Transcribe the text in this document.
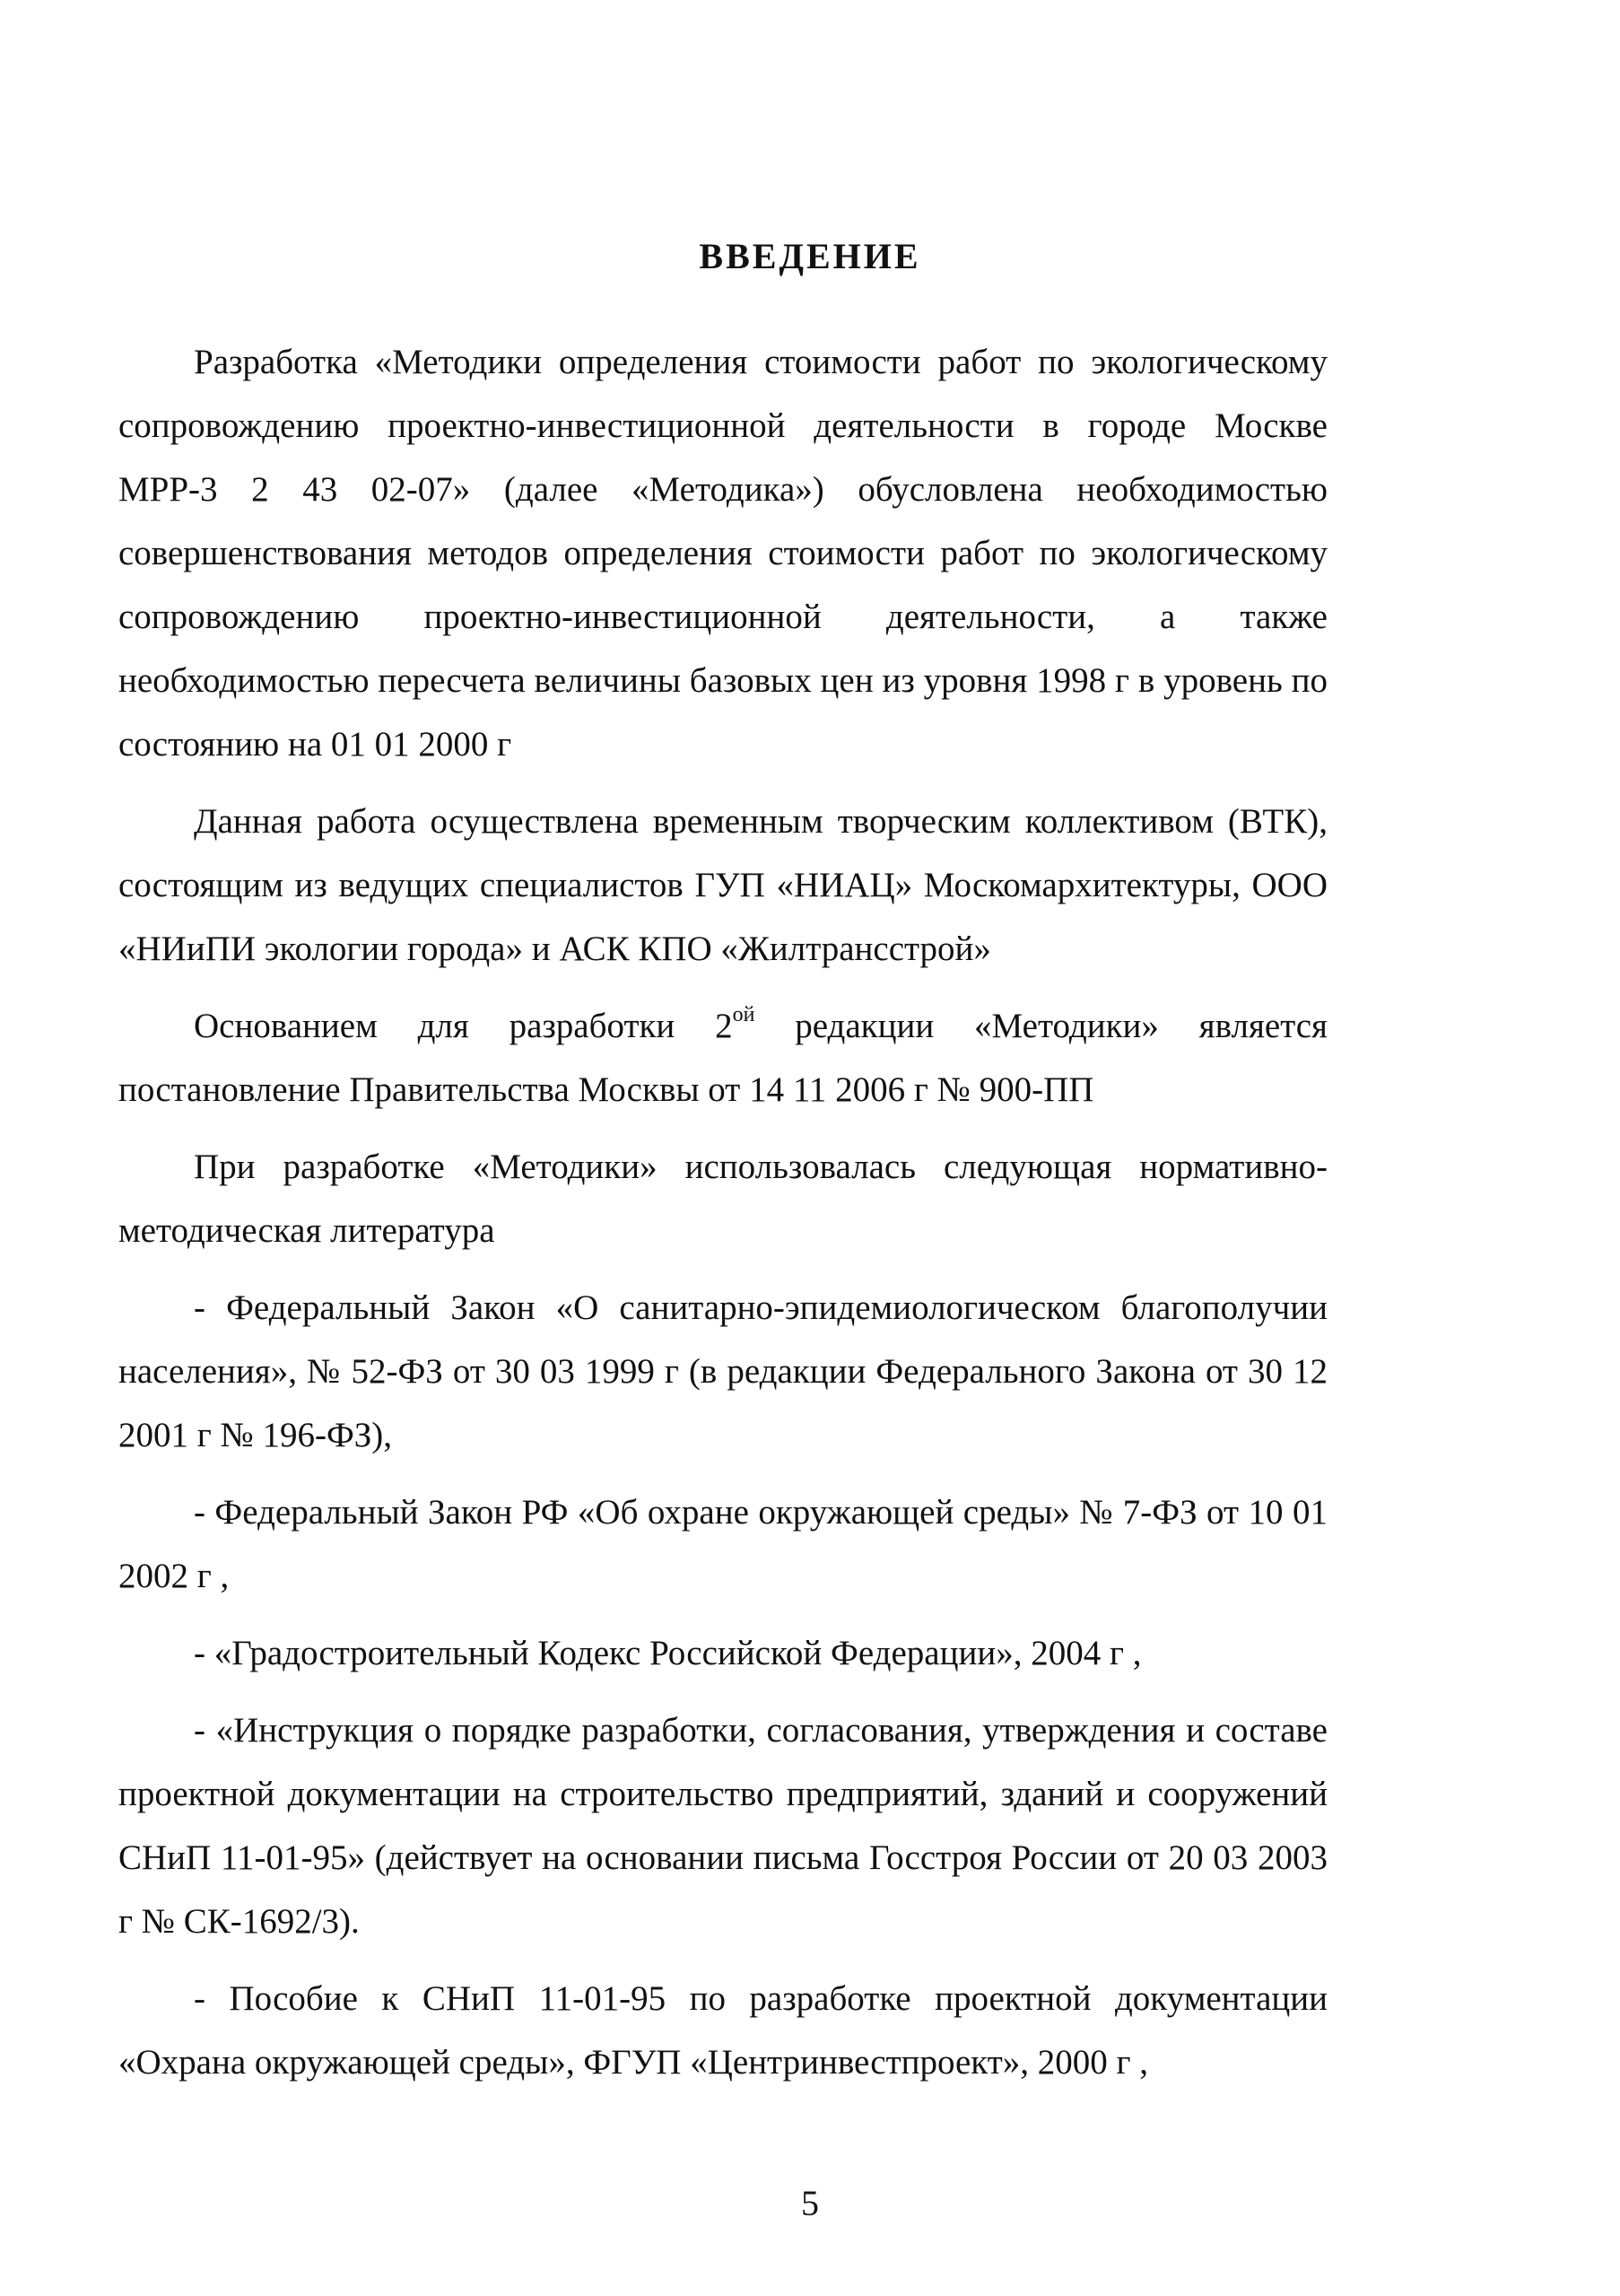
ВВЕДЕНИЕ

Разработка «Методики определения стоимости работ по экологическому сопровождению проектно-инвестиционной деятельности в городе Москве МРР-3 2 43 02-07» (далее «Методика») обусловлена необходимостью совершенствования методов определения стоимости работ по экологическому сопровождению проектно-инвестиционной деятельности, а также необходимостью пересчета величины базовых цен из уровня 1998 г в уровень по состоянию на 01 01 2000 г

Данная работа осуществлена временным творческим коллективом (ВТК), состоящим из ведущих специалистов ГУП «НИАЦ» Москомархитектуры, ООО «НИиПИ экологии города» и АСК КПО «Жилтрансстрой»

Основанием для разработки $2^{ой}$ редакции «Методики» является постановление Правительства Москвы от 14 11 2006 г № 900-ПП

При разработке «Методики» использовалась следующая нормативно-методическая литература

- Федеральный Закон «О санитарно-эпидемиологическом благополучии населения», № 52-ФЗ от 30 03 1999 г (в редакции Федерального Закона от 30 12 2001 г № 196-ФЗ),

- Федеральный Закон РФ «Об охране окружающей среды» № 7-ФЗ от 10 01 2002 г ,

- «Градостроительный Кодекс Российской Федерации», 2004 г ,

- «Инструкция о порядке разработки, согласования, утверждения и составе проектной документации на строительство предприятий, зданий и сооружений СНиП 11-01-95» (действует на основании письма Госстроя России от 20 03 2003 г № СК-1692/3).

- Пособие к СНиП 11-01-95 по разработке проектной документации «Охрана окружающей среды», ФГУП «Центринвестпроект», 2000 г ,

5
